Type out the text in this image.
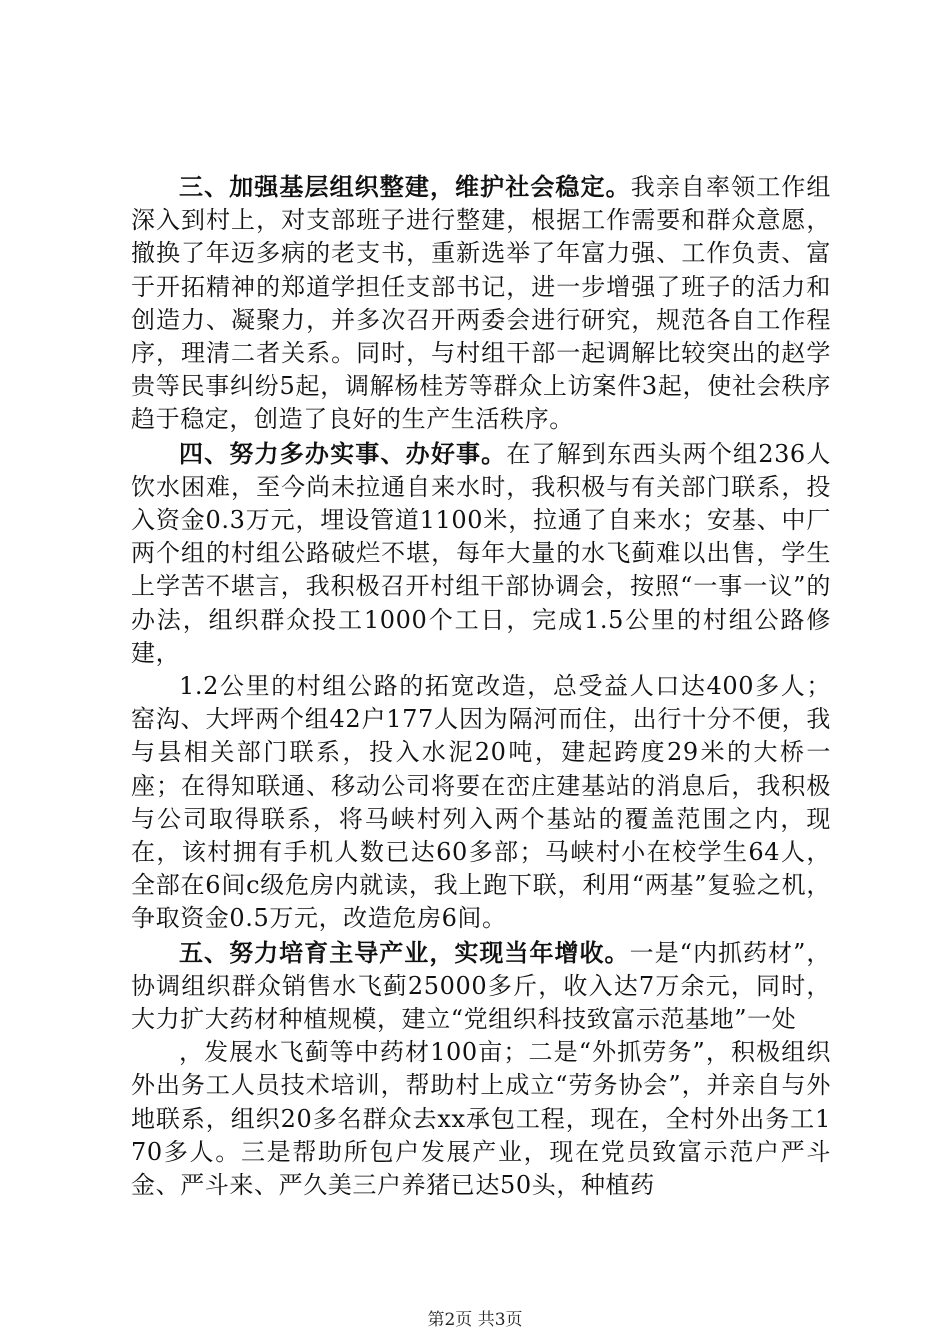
三、加强基层组织整建，维护社会稳定。我亲自率领工作组深入到村上，对支部班子进行整建，根据工作需要和群众意愿，撤换了年迈多病的老支书，重新选举了年富力强、工作负责、富于开拓精神的郑道学担任支部书记，进一步增强了班子的活力和创造力、凝聚力，并多次召开两委会进行研究，规范各自工作程序，理清二者关系。同时，与村组干部一起调解比较突出的赵学贵等民事纠纷5起，调解杨桂芳等群众上访案件3起，使社会秩序趋于稳定，创造了良好的生产生活秩序。

四、努力多办实事、办好事。在了解到东西头两个组236人饮水困难，至今尚未拉通自来水时，我积极与有关部门联系，投入资金0.3万元，埋设管道1100米，拉通了自来水；安基、中厂两个组的村组公路破烂不堪，每年大量的水飞蓟难以出售，学生上学苦不堪言，我积极召开村组干部协调会，按照“一事一议”的办法，组织群众投工1000个工日，完成1.5公里的村组公路修建，

1.2公里的村组公路的拓宽改造，总受益人口达400多人；窑沟、大坪两个组42户177人因为隔河而住，出行十分不便，我与县相关部门联系，投入水泥20吨，建起跨度29米的大桥一座；在得知联通、移动公司将要在峦庄建基站的消息后，我积极与公司取得联系，将马峡村列入两个基站的覆盖范围之内，现在，该村拥有手机人数已达60多部；马峡村小在校学生64人，全部在6间c级危房内就读，我上跑下联，利用“两基”复验之机，争取资金0.5万元，改造危房6间。

五、努力培育主导产业，实现当年增收。一是“内抓药材”，协调组织群众销售水飞蓟25000多斤，收入达7万余元，同时，大力扩大药材种植规模，建立“党组织科技致富示范基地”一处

，发展水飞蓟等中药材100亩；二是“外抓劳务”，积极组织外出务工人员技术培训，帮助村上成立“劳务协会”，并亲自与外地联系，组织20多名群众去xx承包工程，现在，全村外出务工170多人。三是帮助所包户发展产业，现在党员致富示范户严斗金、严斗来、严久美三户养猪已达50头，种植药

第2页 共3页
